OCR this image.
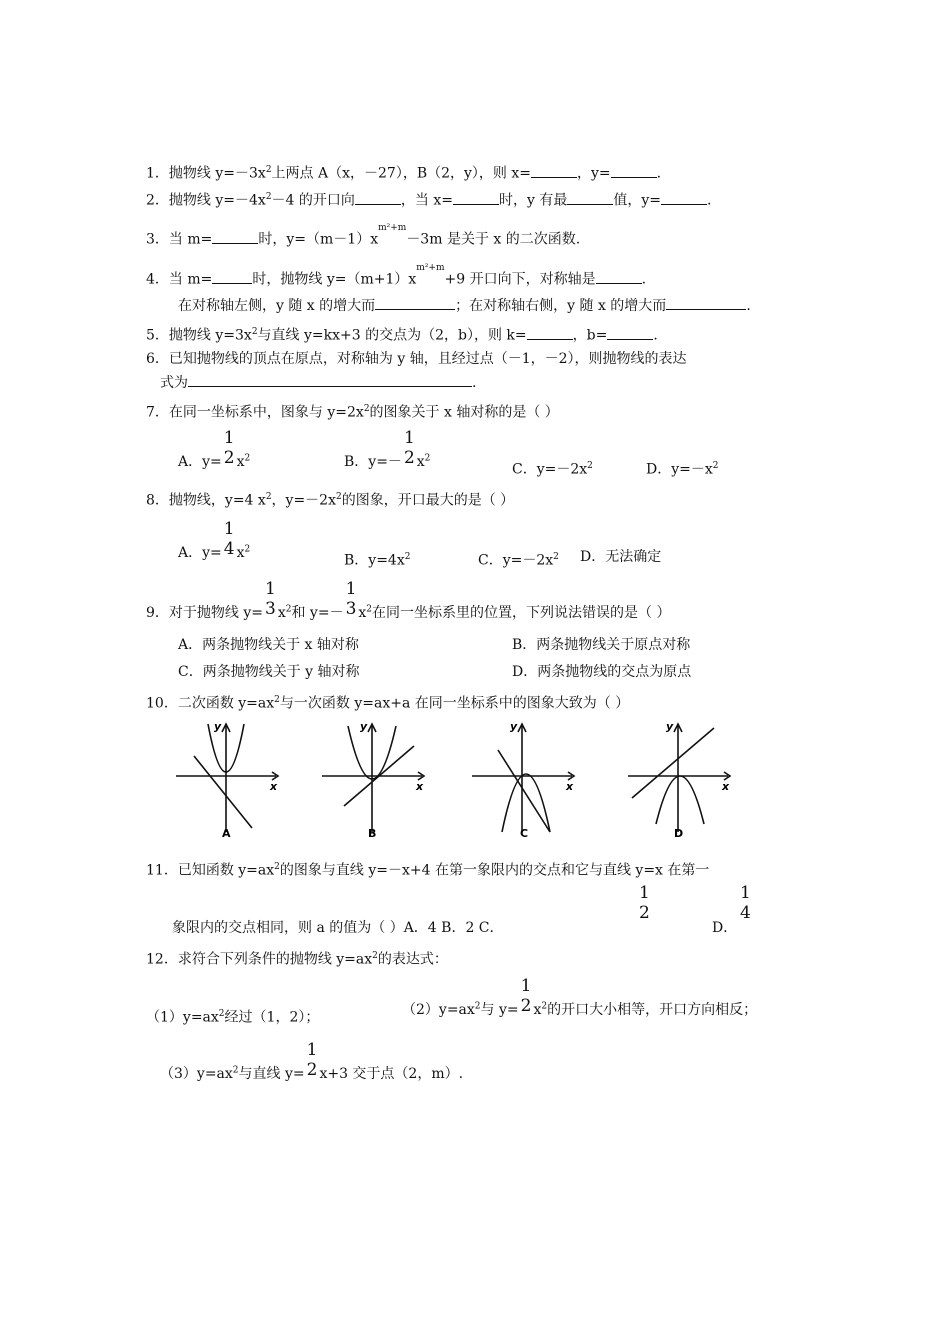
1．抛物线 $y=-3x^2$上两点 A（x，－27），B（2，y），则 x=	，y=	.
2．抛物线 $y=-4x^2-4$ 的开口向	，当 x=	时，y 有最	值，y=	.
3．当 m=	时，$y=(m-1)x^{m^2+m}-3m$ 是关于 x 的二次函数.
4．当 m=	时，抛物线 $y=(m+1)x^{m^2+m}+9$ 开口向下，对称轴是	.
在对称轴左侧，y 随 x 的增大而	；在对称轴右侧，y 随 x 的增大而	.
5．抛物线 $y=3x^2$与直线 y=kx+3 的交点为（2，b），则 k=	，b=	.
6．已知抛物线的顶点在原点，对称轴为 y 轴，且经过点（－1，－2），则抛物线的表达
式为	.
7．在同一坐标系中，图象与 $y=2x^2$的图象关于 x 轴对称的是（ ）
A．y=
1
2 $x^2$	B．y=－
1
2 $x^2$
C．$y=-2x^2$	D．$y=-x^2$
8．抛物线，y=4 $x^2$，$y=-2x^2$的图象，开口最大的是（ ）
A．y=
1
4 $x^2$
B．$y=4x^2$	C．$y=-2x^2$ D．无法确定
9．对于抛物线 y=
1
3 $x^2$和 y=－
1
3 $x^2$在同一坐标系里的位置，下列说法错误的是（ ）
A．两条抛物线关于 x 轴对称	B．两条抛物线关于原点对称
C．两条抛物线关于 y 轴对称	D．两条抛物线的交点为原点
10．二次函数 $y=ax^2$与一次函数 y=ax+a 在同一坐标系中的图象大致为（ ）
y
x
A
y
x
B
y
x
C
y
x
D
11．已知函数 $y=ax^2$的图象与直线 y=－x+4 在第一象限内的交点和它与直线 y=x 在第一
象限内的交点相同，则 a 的值为（ ）A．4 B．2 C．
1
2
D．
1
4
12．求符合下列条件的抛物线 $y=ax^2$的表达式：
$(1)y=ax^2$经过（1，2）；	$(2)y=ax^2$与 y=
1
2 $x^2$的开口大小相等，开口方向相反；
$(3)y=ax^2$与直线 y=
1
2 x+3 交于点（2，m）.
